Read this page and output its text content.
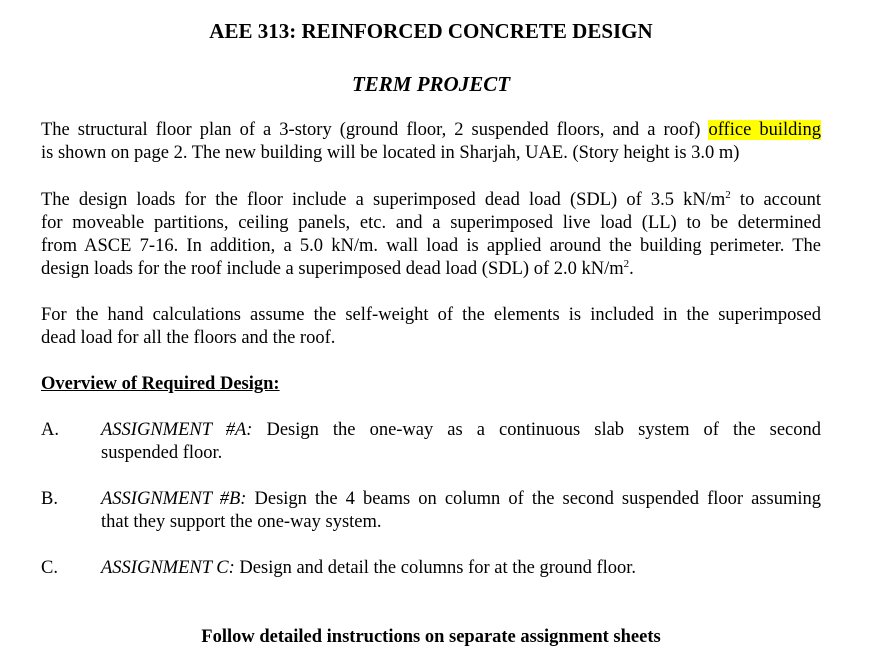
AEE 313: REINFORCED CONCRETE DESIGN
TERM PROJECT
The structural floor plan of a 3-story (ground floor, 2 suspended floors, and a roof) office building
is shown on page 2. The new building will be located in Sharjah, UAE. (Story height is 3.0 m)
The design loads for the floor include a superimposed dead load (SDL) of 3.5 $kN/m^2$ to account
for moveable partitions, ceiling panels, etc. and a superimposed live load (LL) to be determined
from ASCE 7-16. In addition, a 5.0 kN/m. wall load is applied around the building perimeter. The
design loads for the roof include a superimposed dead load (SDL) of 2.0 $kN/m^2$.
For the hand calculations assume the self-weight of the elements is included in the superimposed
dead load for all the floors and the roof.
Overview of Required Design:
A. ASSIGNMENT #A: Design the one-way as a continuous slab system of the second
suspended floor.
B. ASSIGNMENT #B: Design the 4 beams on column of the second suspended floor assuming
that they support the one-way system.
C. ASSIGNMENT C: Design and detail the columns for at the ground floor.
Follow detailed instructions on separate assignment sheets
